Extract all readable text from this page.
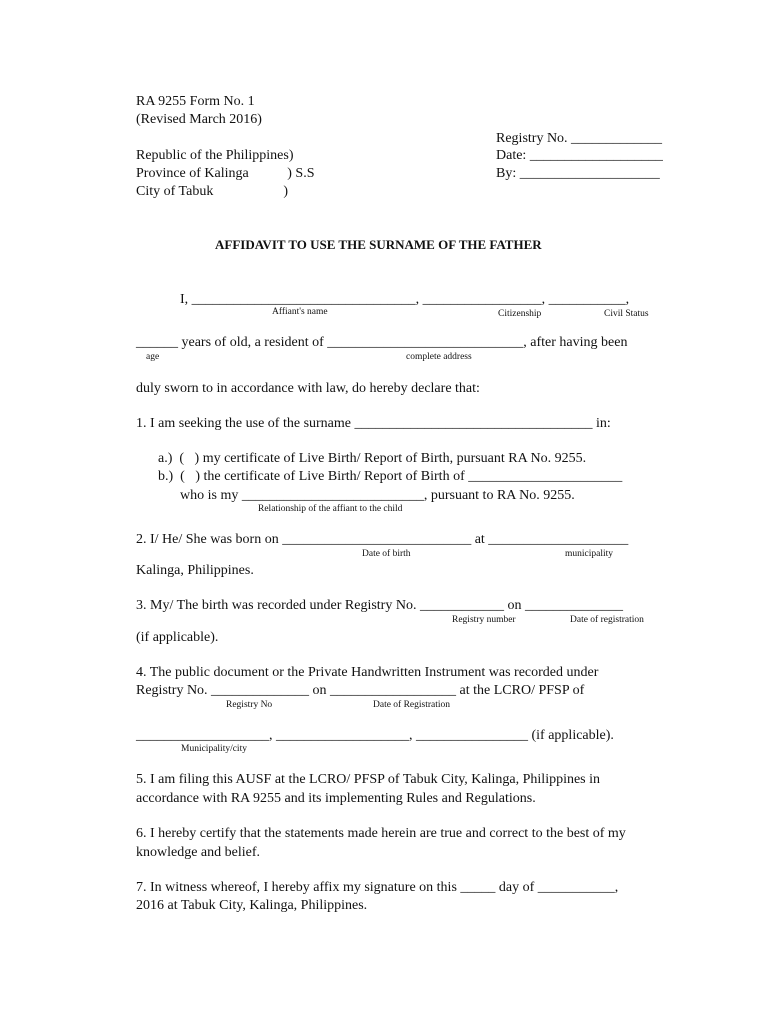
RA 9255 Form No. 1
(Revised March 2016)
Registry No. _____________
Republic of the Philippines)	Date: ___________________
Province of Kalinga           ) S.S	By: ____________________
City of Tabuk                    )
AFFIDAVIT TO USE THE SURNAME OF THE FATHER
I, ________________________________, _________________, ___________,
Affiant's name	Citizenship	Civil Status
______ years of old, a resident of ____________________________, after having been
age	complete address
duly sworn to in accordance with law, do hereby declare that:
1. I am seeking the use of the surname __________________________________ in:
a.)  (   ) my certificate of Live Birth/ Report of Birth, pursuant RA No. 9255.
b.)  (   ) the certificate of Live Birth/ Report of Birth of ______________________
who is my __________________________, pursuant to RA No. 9255.
Relationship of the affiant to the child
2. I/ He/ She was born on ___________________________ at ____________________
Date of birth	municipality
Kalinga, Philippines.
3. My/ The birth was recorded under Registry No. ____________ on ______________
Registry number	Date of registration
(if applicable).
4. The public document or the Private Handwritten Instrument was recorded under
Registry No. ______________ on __________________ at the LCRO/ PFSP of
Registry No	Date of Registration
___________________, ___________________, ________________ (if applicable).
Municipality/city
5. I am filing this AUSF at the LCRO/ PFSP of Tabuk City, Kalinga, Philippines in
accordance with RA 9255 and its implementing Rules and Regulations.
6. I hereby certify that the statements made herein are true and correct to the best of my
knowledge and belief.
7. In witness whereof, I hereby affix my signature on this _____ day of ___________,
2016 at Tabuk City, Kalinga, Philippines.
